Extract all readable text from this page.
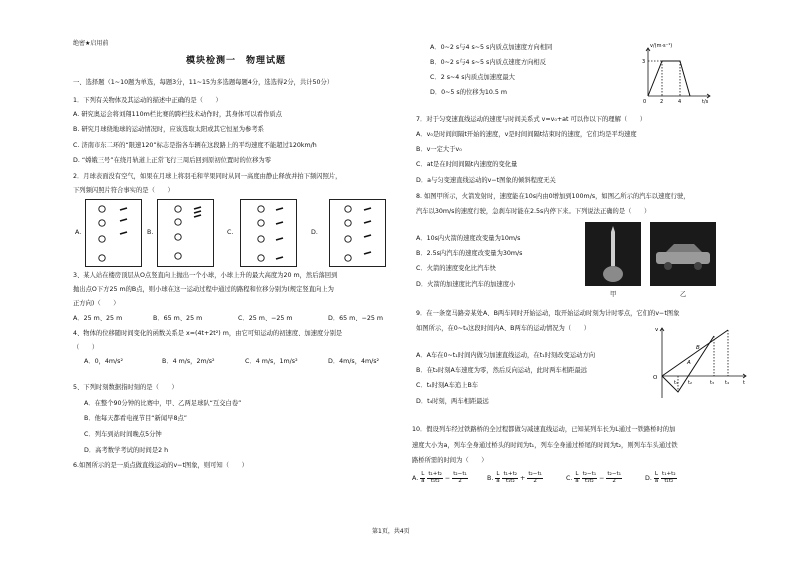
绝密★启用前
模块检测一　物理试题
一、选择题（1~10题为单选，每题3分，11~15为多选题每题4分，选选得2分，共计50分）
1．下列有关物体及其运动的描述中正确的是（　　）
A. 研究奥运会将刘翔110m栏比赛的跨栏技术动作时，其身体可以看作质点
B. 研究月球绕地球的运动情况时，应该选取太阳或其它恒星为参考系
C. 济南市东二环的“限速120”标志是指各车辆在这段路上的平均速度不能超过120km/h
D. “嫦娥三号”在绕月轨道上正常飞行三周后回到原初位置时的位移为零
2．月球表面没有空气，如果在月球上将羽毛和苹果同时从同一高度由静止释放并拍下频闪照片，
下列频闪照片符合事实的是（　　）
A.	B.	C.	D.
3、某人站在楼房顶层从O点竖直向上抛出一个小球，小球上升的最大高度为20 m，然后落回到
抛出点O下方25 m的B点，则小球在这一运动过程中通过的路程和位移分别为(规定竖直向上为
正方向)（　　）
A．25 m、25 m	B．65 m、25 m	C．25 m、−25 m	D．65 m、−25 m
4、物体的位移随时间变化的函数关系是 x=(4t+2t²) m，由它可知运动的初速度、加速度分别是
（　　）
A．0，4m/s²	B．4 m/s，2m/s²	C．4 m/s，1m/s²	D．4m/s，4m/s²
5、下列时刻数据指时刻的是（　　）
A．在整个90分钟的比赛中，甲、乙两足球队“互交白卷”
B．他每天都看电视节目“新闻早8点”
C．列车到站时间晚点5分钟
D．高考数学考试的时间是2 h
6.如图所示的是一质点做直线运动的v−t图象，则可知（　　）
A．0~2 s与4 s~5 s内质点加速度方向相同
B．0~2 s与4 s~5 s内质点速度方向相反
C．2 s~4 s内质点加速度最大
D．0~5 s的位移为10.5 m
v/(m·s⁻¹)
3
0	2	4	t/s
7．对于匀变速直线运动的速度与时间关系式 v=v₀+at 可以作以下的理解（　　）
A．v₀是时间间隔t开始的速度，v是时间间隔t结束时的速度，它们均是平均速度
B．v一定大于v₀
C．at是在时间间隔t内速度的变化量
D．a与匀变速直线运动的v−t图象的倾斜程度无关
8. 如图甲所示，火箭发射时，速度能在10s内由0增加到100m/s，如图乙所示的汽车以速度行驶，
汽车以30m/s的速度行驶，急刹车时能在2.5s内停下来。下列说法正确的是（　　）
A．10s内火箭的速度改变量为10m/s
B．2.5s内汽车的速度改变量为30m/s
C．火箭的速度变化比汽车快
D．火箭的加速度比汽车的加速度小
甲	乙
9．在一条宽马路旁某处A、B两车同时开始运动，取开始运动时刻为计时零点，它们的v−t图象
如图所示，在0~t₄这段时间内A、B两车的运动情况为（　　）
A．A车在0~t₁时间内做匀加速直线运动，在t₁时刻改变运动方向
B．在t₂时刻A车速度为零，然后反向运动，此时两车相距最远
C．t₄时刻A车追上B车
D．t₄时刻，两车相距最远
v
O
B
A
t₁ t₂	t₃ t₄	t
10．假设列车经过铁路桥的全过程都做匀减速直线运动，已知某列车长为L通过一铁路桥时的加
速度大小为a，列车全身通过桥头的时间为t₁，列车全身通过桥尾的时间为t₂，则列车车头通过铁
路桥所需的时间为（　　）
A. $\frac{L}{a}$
$\frac{\text{t₁+t₂}}{\text{t₁t₂}} - \frac{\text{t₂−t₁}}{2}$	B. $\frac{L}{a}$
$\frac{\text{t₁+t₂}}{\text{t₁t₂}} + \frac{\text{t₂−t₁}}{2}$	C. $\frac{L}{a}$
$\frac{\text{t₂−t₁}}{\text{t₁t₂}} - \frac{\text{t₂−t₁}}{2}$	D. $\frac{L}{a}$
$\frac{\text{t₁+t₂}}{\text{t₁t₂}}$
第1页，共4页
